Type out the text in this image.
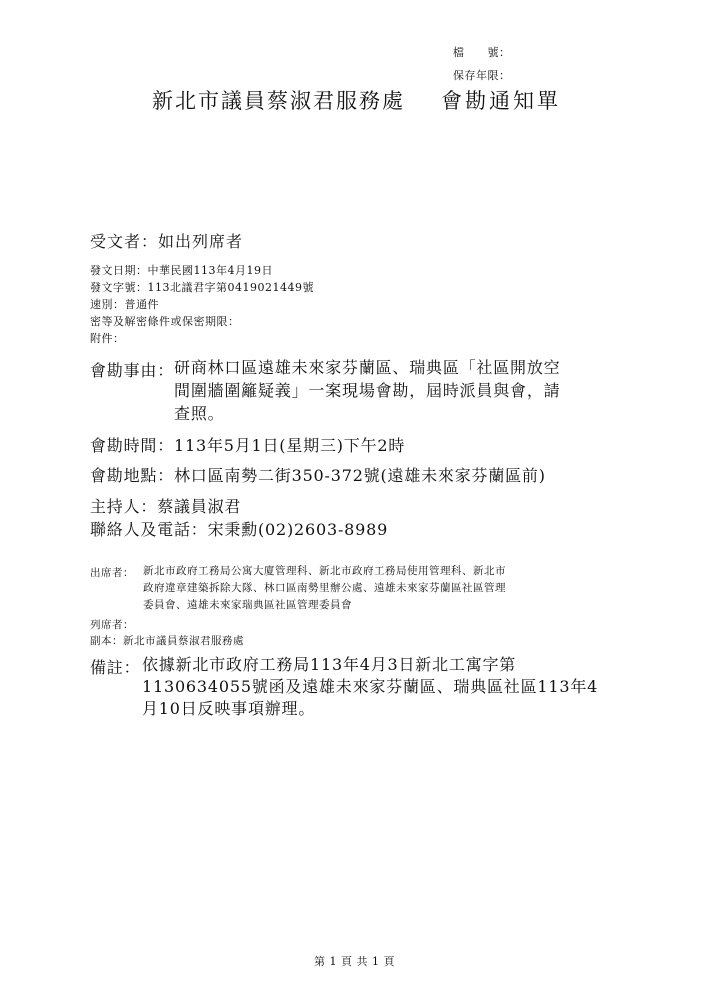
檔　　號：
保存年限：
新北市議員蔡淑君服務處 會勘通知單
受文者：如出列席者
發文日期：中華民國113年4月19日
發文字號：113北議君字第0419021449號
速別：普通件
密等及解密條件或保密期限：
附件：
會勘事由： 研商林口區遠雄未來家芬蘭區、瑞典區「社區開放空
間圍牆圍籬疑義」一案現場會勘，屆時派員與會，請
查照。
會勘時間：113年5月1日(星期三)下午2時
會勘地點：林口區南勢二街350-372號(遠雄未來家芬蘭區前)
主持人：蔡議員淑君
聯絡人及電話：宋秉勳(02)2603-8989
出席者： 新北市政府工務局公寓大廈管理科、新北市政府工務局使用管理科、新北市
政府違章建築拆除大隊、林口區南勢里辦公處、遠雄未來家芬蘭區社區管理
委員會、遠雄未來家瑞典區社區管理委員會
列席者：
副本：新北市議員蔡淑君服務處
備註： 依據新北市政府工務局113年4月3日新北工寓字第
1130634055號函及遠雄未來家芬蘭區、瑞典區社區113年4
月10日反映事項辦理。
第 1 頁 共 1 頁
